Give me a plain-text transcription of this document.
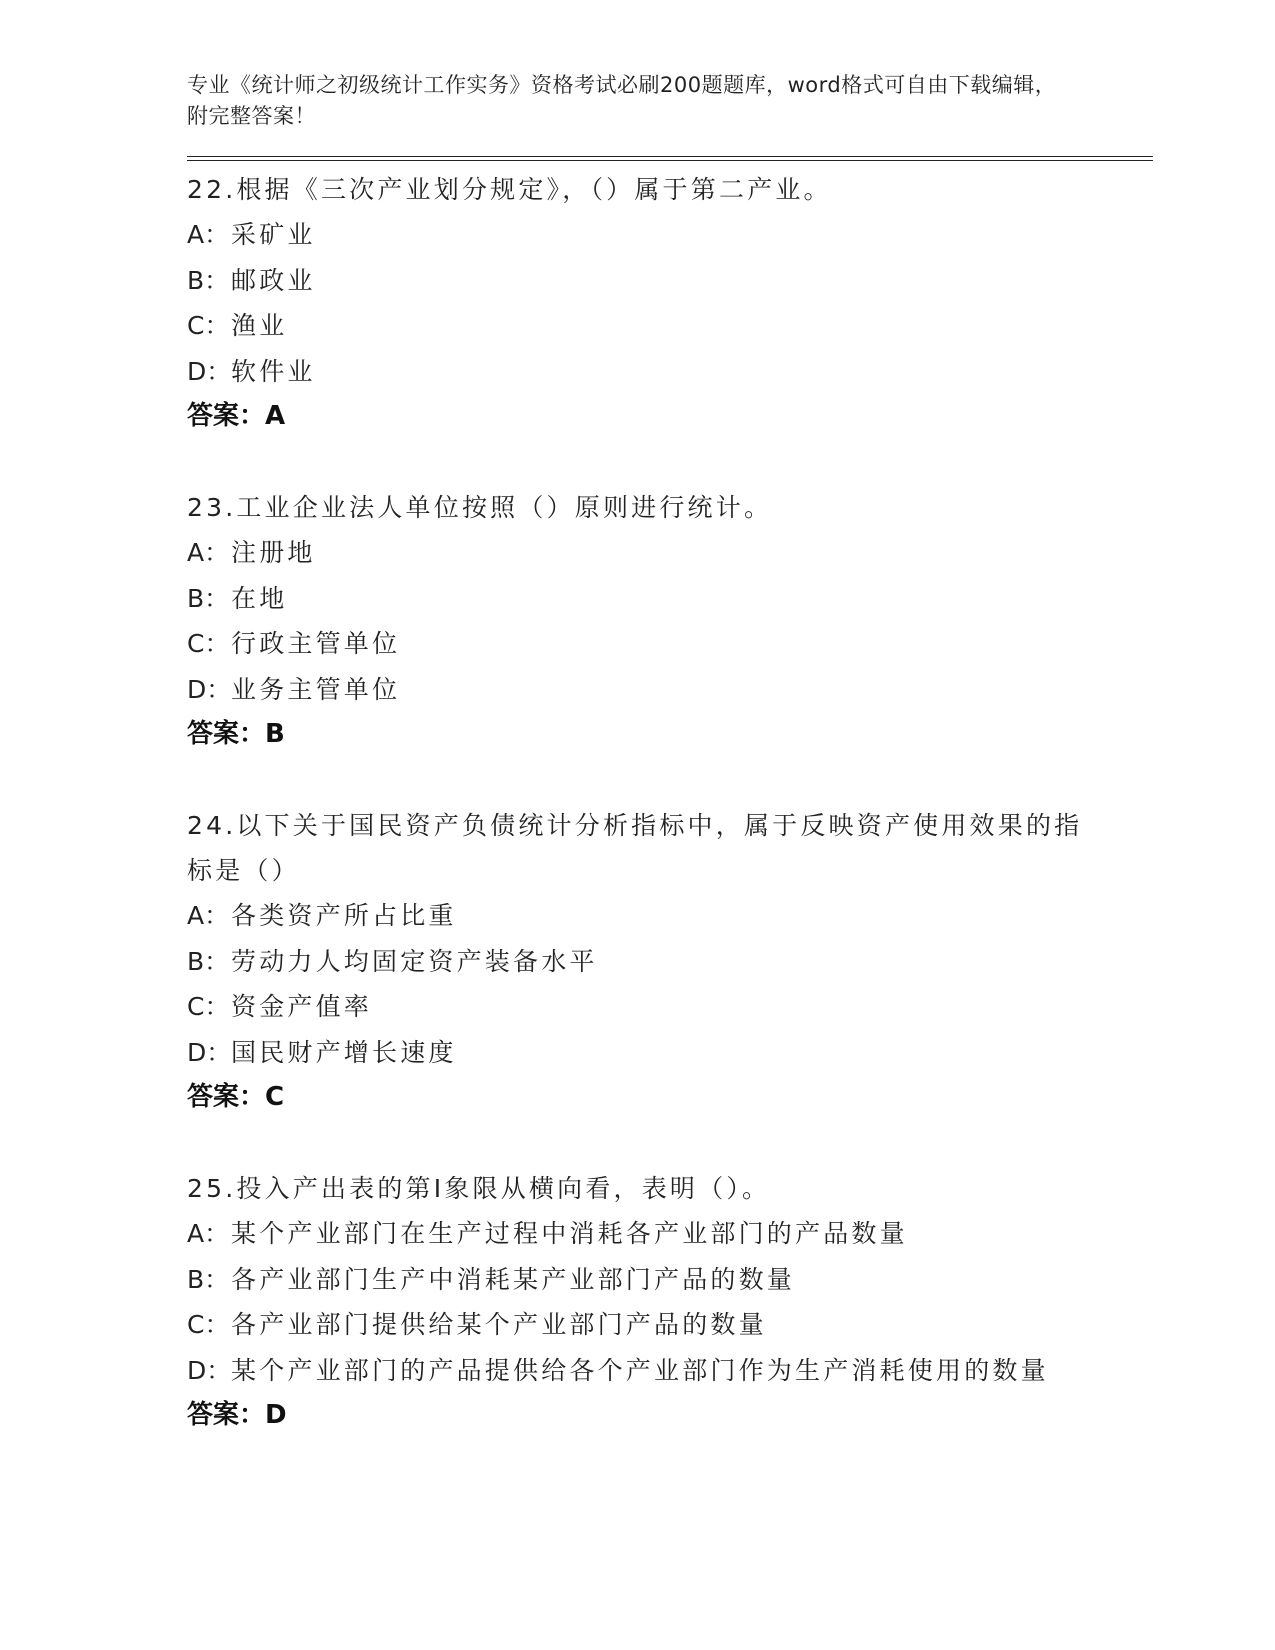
专业《统计师之初级统计工作实务》资格考试必刷200题题库，word格式可自由下载编辑，附完整答案！
22.根据《三次产业划分规定》，（）属于第二产业。
A：采矿业
B：邮政业
C：渔业
D：软件业
答案：A
23.工业企业法人单位按照（）原则进行统计。
A：注册地
B：在地
C：行政主管单位
D：业务主管单位
答案：B
24.以下关于国民资产负债统计分析指标中，属于反映资产使用效果的指标是（）
A：各类资产所占比重
B：劳动力人均固定资产装备水平
C：资金产值率
D：国民财产增长速度
答案：C
25.投入产出表的第Ⅰ象限从横向看，表明（）。
A：某个产业部门在生产过程中消耗各产业部门的产品数量
B：各产业部门生产中消耗某产业部门产品的数量
C：各产业部门提供给某个产业部门产品的数量
D：某个产业部门的产品提供给各个产业部门作为生产消耗使用的数量
答案：D
